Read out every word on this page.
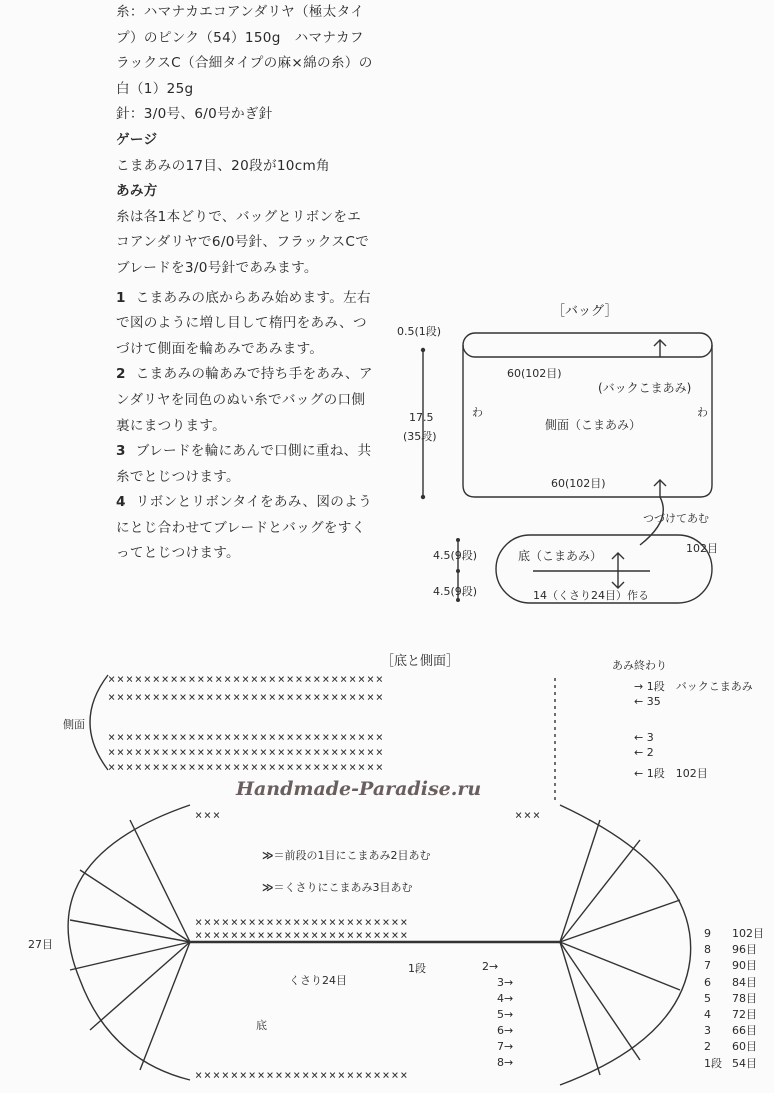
糸：ハマナカエコアンダリヤ（極太タイプ）のピンク（54）150g　ハマナカフラックスC（合細タイプの麻×綿の糸）の白（1）25g

針：3/0号、6/0号かぎ針

ゲージ

こまあみの17目、20段が10cm角

あみ方

糸は各1本どりで、バッグとリボンをエコアンダリヤで6/0号針、フラックスCでブレードを3/0号針であみます。

1 こまあみの底からあみ始めます。左右で図のように増し目して楕円をあみ、つづけて側面を輪あみであみます。

2 こまあみの輪あみで持ち手をあみ、アンダリヤを同色のぬい糸でバッグの口側裏にまつります。

3 ブレードを輪にあんで口側に重ね、共糸でとじつけます。

4 リボンとリボンタイをあみ、図のようにとじ合わせてブレードとバッグをすくってとじつけます。

［バッグ］
0.5(1段)
17.5
(35段)
60(102目)
(バックこまあみ)
わ	わ
側面（こまあみ）
60(102目)
つづけてあむ
底（こまあみ）
102目
4.5(9段)
4.5(9段)	14（くさり24目）作る
［底と側面］	あみ終わり
側面
×××××××××××××××××××××××××××××××
×××××××××××××××××××××××××××××××
×××××××××××××××××××××××××××××××
×××××××××××××××××××××××××××××××
×××××××××××××××××××××××××××××××
×××
××××××××××××××××××××××××
××××××××××××××××××××××××
××××××××××××××××××××××××
×××
→ 1段　バックこまあみ
← 35
← 3
← 2
← 1段　102目
Handmade-Paradise.ru
≫＝前段の1目にこまあみ2目あむ
≫＝くさりにこまあみ3目あむ
27目
くさり24目
1段	2→
3→
4→
5→
6→
7→
8→
底
9 102目
8 96目
7 90目
6 84目
5 78目
4 72目
3 66目
2 60目
1段 54目
